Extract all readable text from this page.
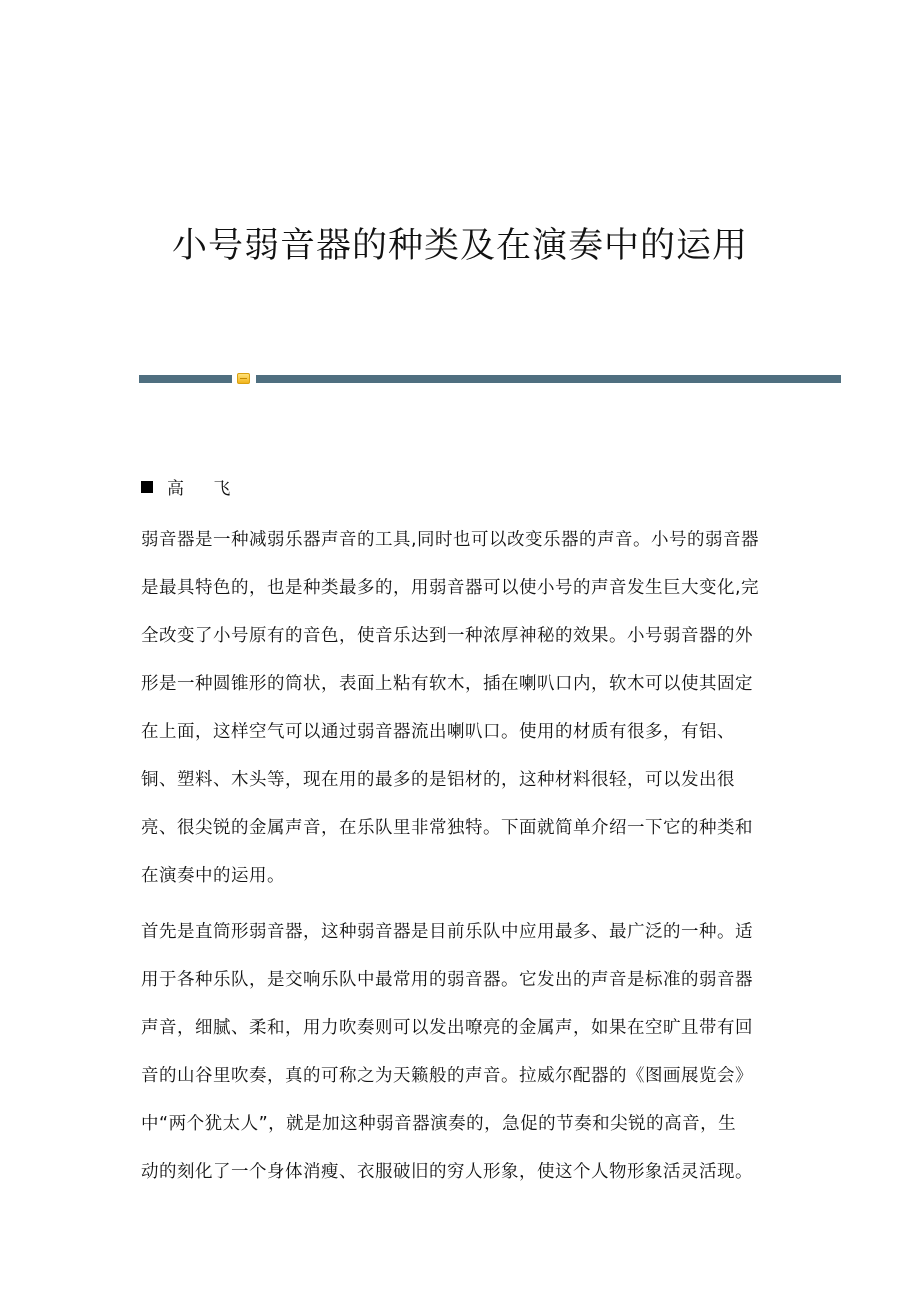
小号弱音器的种类及在演奏中的运用
高 飞
弱音器是一种减弱乐器声音的工具,同时也可以改变乐器的声音。小号的弱音器
是最具特色的，也是种类最多的，用弱音器可以使小号的声音发生巨大变化,完
全改变了小号原有的音色，使音乐达到一种浓厚神秘的效果。小号弱音器的外
形是一种圆锥形的筒状，表面上粘有软木，插在喇叭口内，软木可以使其固定
在上面，这样空气可以通过弱音器流出喇叭口。使用的材质有很多，有铝、
铜、塑料、木头等，现在用的最多的是铝材的，这种材料很轻，可以发出很
亮、很尖锐的金属声音，在乐队里非常独特。下面就简单介绍一下它的种类和
在演奏中的运用。
首先是直筒形弱音器，这种弱音器是目前乐队中应用最多、最广泛的一种。适
用于各种乐队，是交响乐队中最常用的弱音器。它发出的声音是标准的弱音器
声音，细腻、柔和，用力吹奏则可以发出嘹亮的金属声，如果在空旷且带有回
音的山谷里吹奏，真的可称之为天籁般的声音。拉威尔配器的《图画展览会》
中“两个犹太人”，就是加这种弱音器演奏的，急促的节奏和尖锐的高音，生
动的刻化了一个身体消瘦、衣服破旧的穷人形象，使这个人物形象活灵活现。
